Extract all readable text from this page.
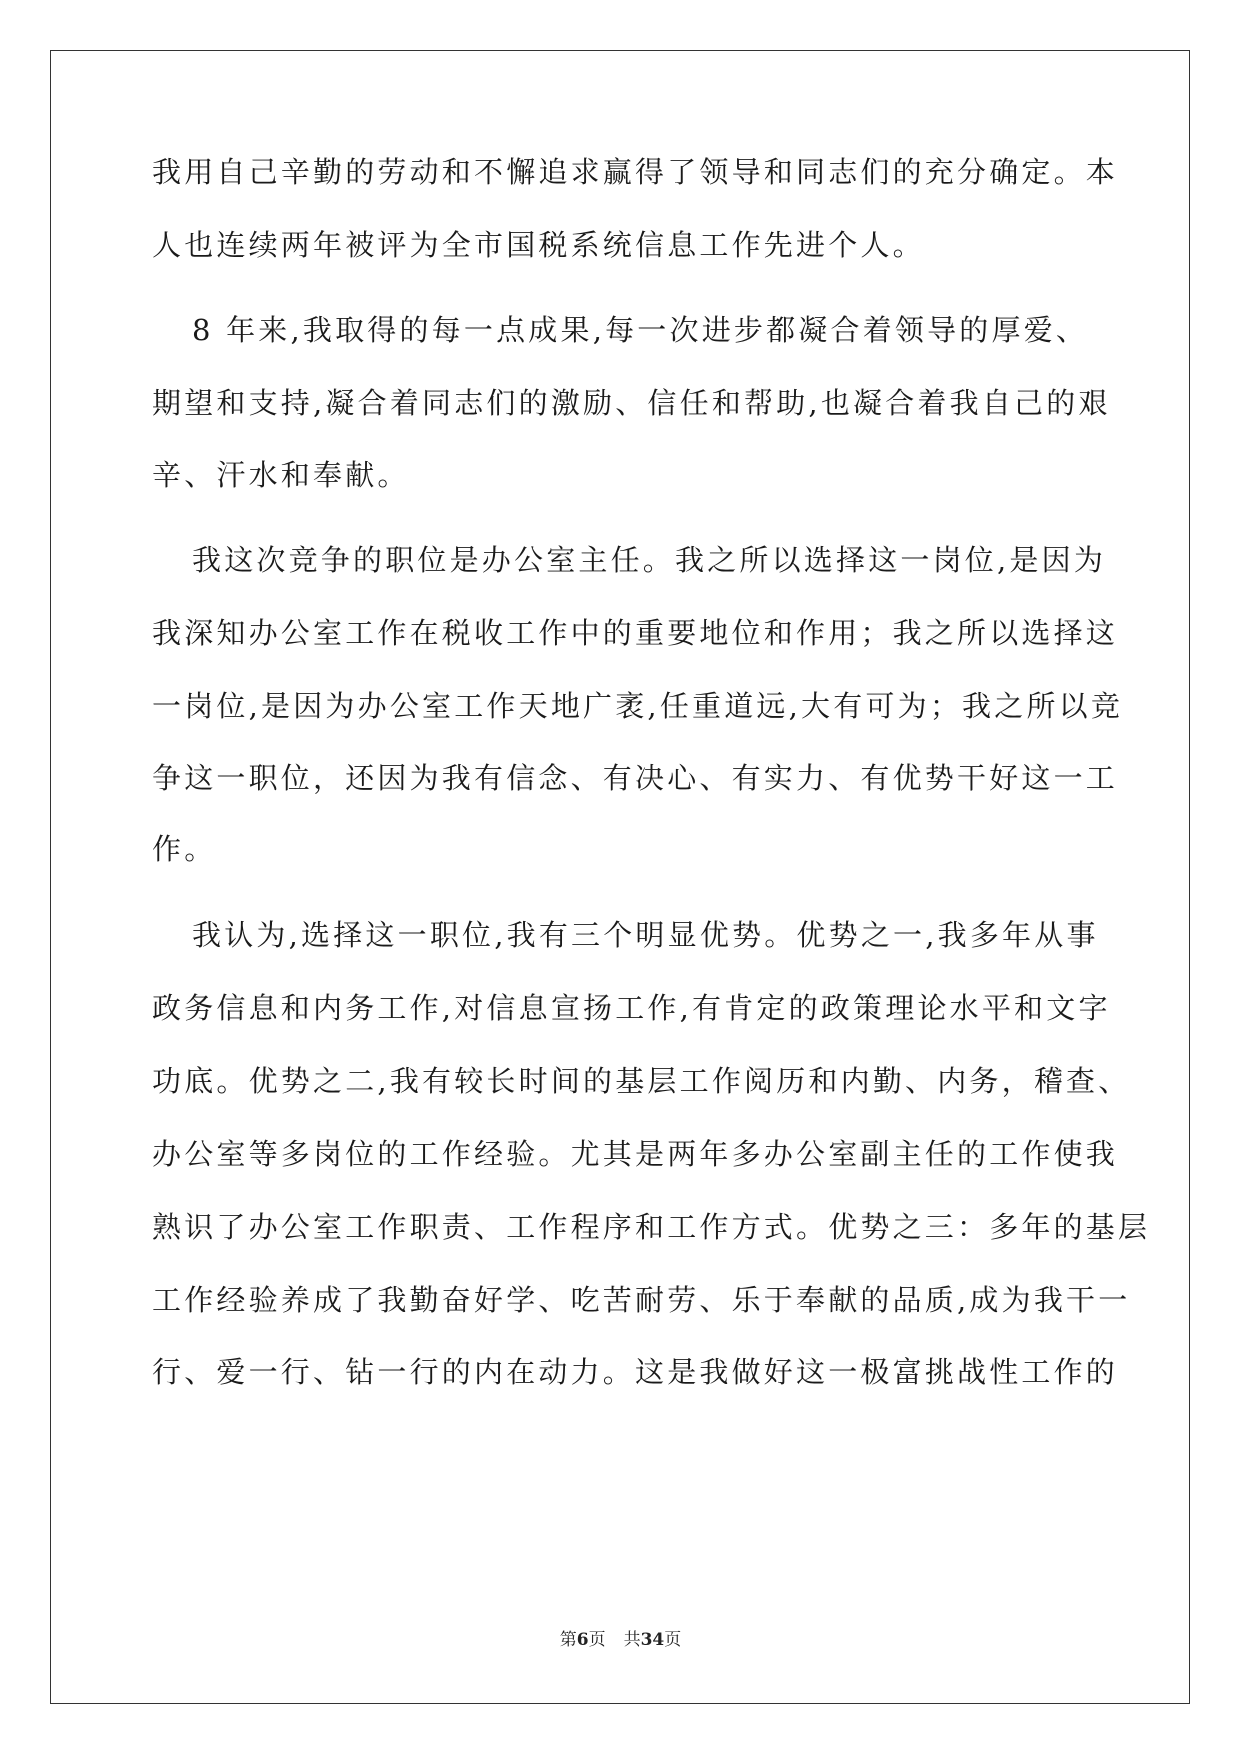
我用自己辛勤的劳动和不懈追求赢得了领导和同志们的充分确定。本
人也连续两年被评为全市国税系统信息工作先进个人。
8 年来,我取得的每一点成果,每一次进步都凝合着领导的厚爱、
期望和支持,凝合着同志们的激励、信任和帮助,也凝合着我自己的艰
辛、汗水和奉献。
我这次竞争的职位是办公室主任。我之所以选择这一岗位,是因为
我深知办公室工作在税收工作中的重要地位和作用；我之所以选择这
一岗位,是因为办公室工作天地广袤,任重道远,大有可为；我之所以竞
争这一职位，还因为我有信念、有决心、有实力、有优势干好这一工
作。
我认为,选择这一职位,我有三个明显优势。优势之一,我多年从事
政务信息和内务工作,对信息宣扬工作,有肯定的政策理论水平和文字
功底。优势之二,我有较长时间的基层工作阅历和内勤、内务，稽查、
办公室等多岗位的工作经验。尤其是两年多办公室副主任的工作使我
熟识了办公室工作职责、工作程序和工作方式。优势之三：多年的基层
工作经验养成了我勤奋好学、吃苦耐劳、乐于奉献的品质,成为我干一
行、爱一行、钻一行的内在动力。这是我做好这一极富挑战性工作的
第6页 共34页
